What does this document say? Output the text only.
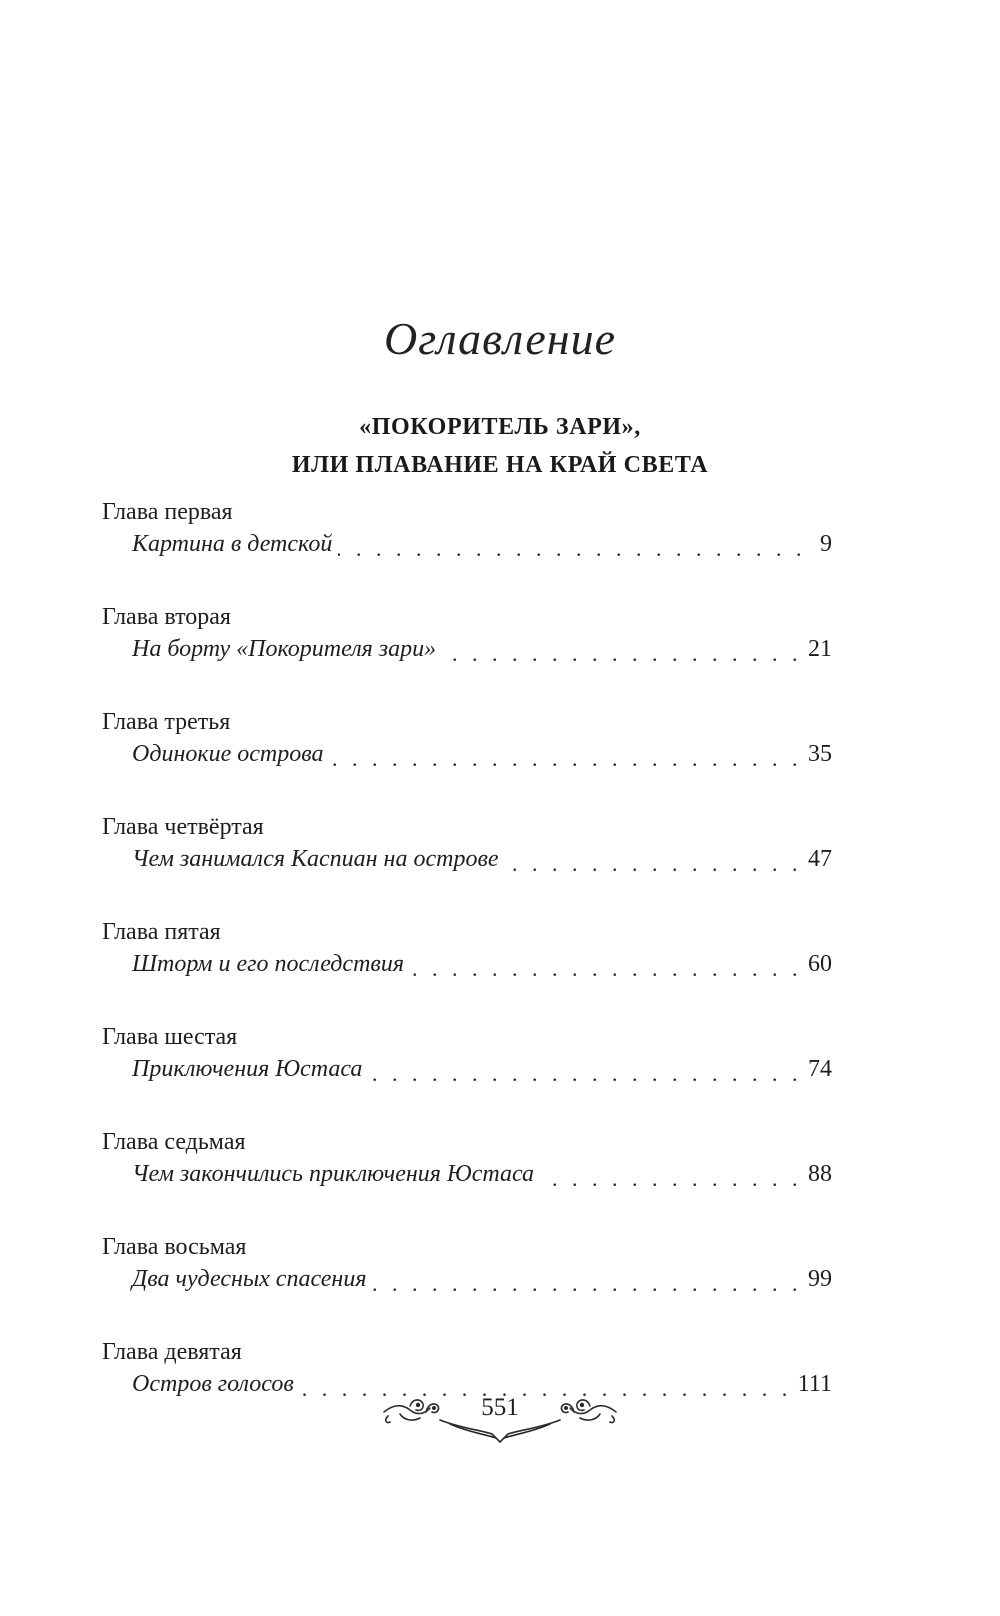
Оглавление
«ПОКОРИТЕЛЬ ЗАРИ»,
ИЛИ ПЛАВАНИЕ НА КРАЙ СВЕТА
Глава первая
Картина в детской . . .	9
Глава вторая
На борту «Покорителя зари» . . .	21
Глава третья
Одинокие острова . . .	35
Глава четвёртая
Чем занимался Каспиан на острове . . .	47
Глава пятая
Шторм и его последствия . . .	60
Глава шестая
Приключения Юстаса . . .	74
Глава седьмая
Чем закончились приключения Юстаса . . .	88
Глава восьмая
Два чудесных спасения . . .	99
Глава девятая
Остров голосов . . .	111
551
